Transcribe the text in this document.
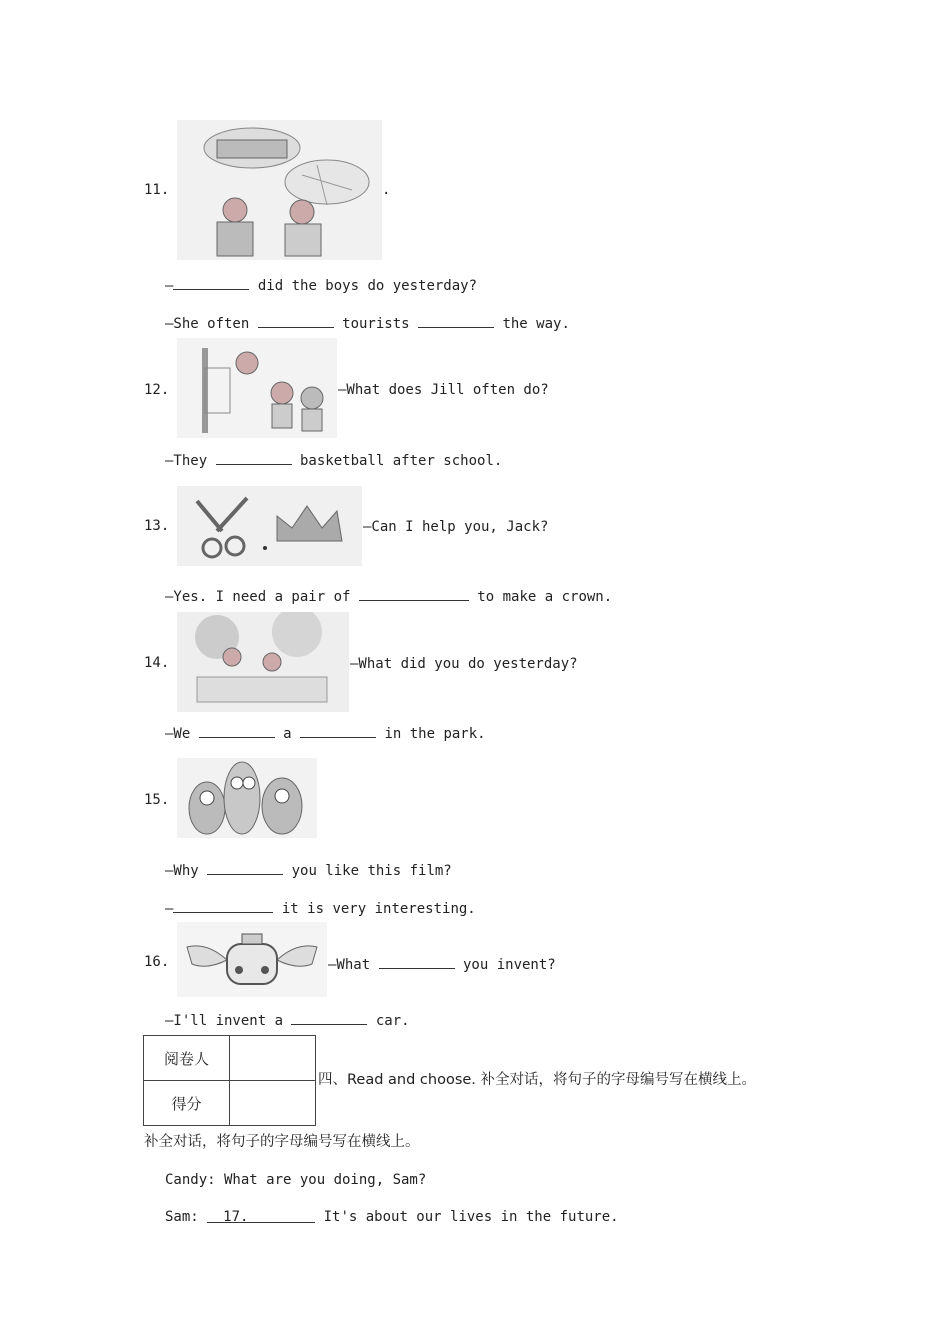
11.	.
—	did the boys do yesterday?
—She often	tourists	the way.
12.	—What does Jill often do?
—They	basketball after school.
13.	—Can I help you, Jack?
—Yes. I need a pair of	to make a crown.
14.	—What did you do yesterday?
—We	a	in the park.
15.
—Why	you like this film?
—	it is very interesting.
16.	—What	you invent?
—I'll invent a	car.
阅卷人	
得分	
四、Read and choose. 补全对话，将句子的字母编号写在横线上。
补全对话，将句子的字母编号写在横线上。
Candy: What are you doing, Sam?
Sam: 17.	It's about our lives in the future.
